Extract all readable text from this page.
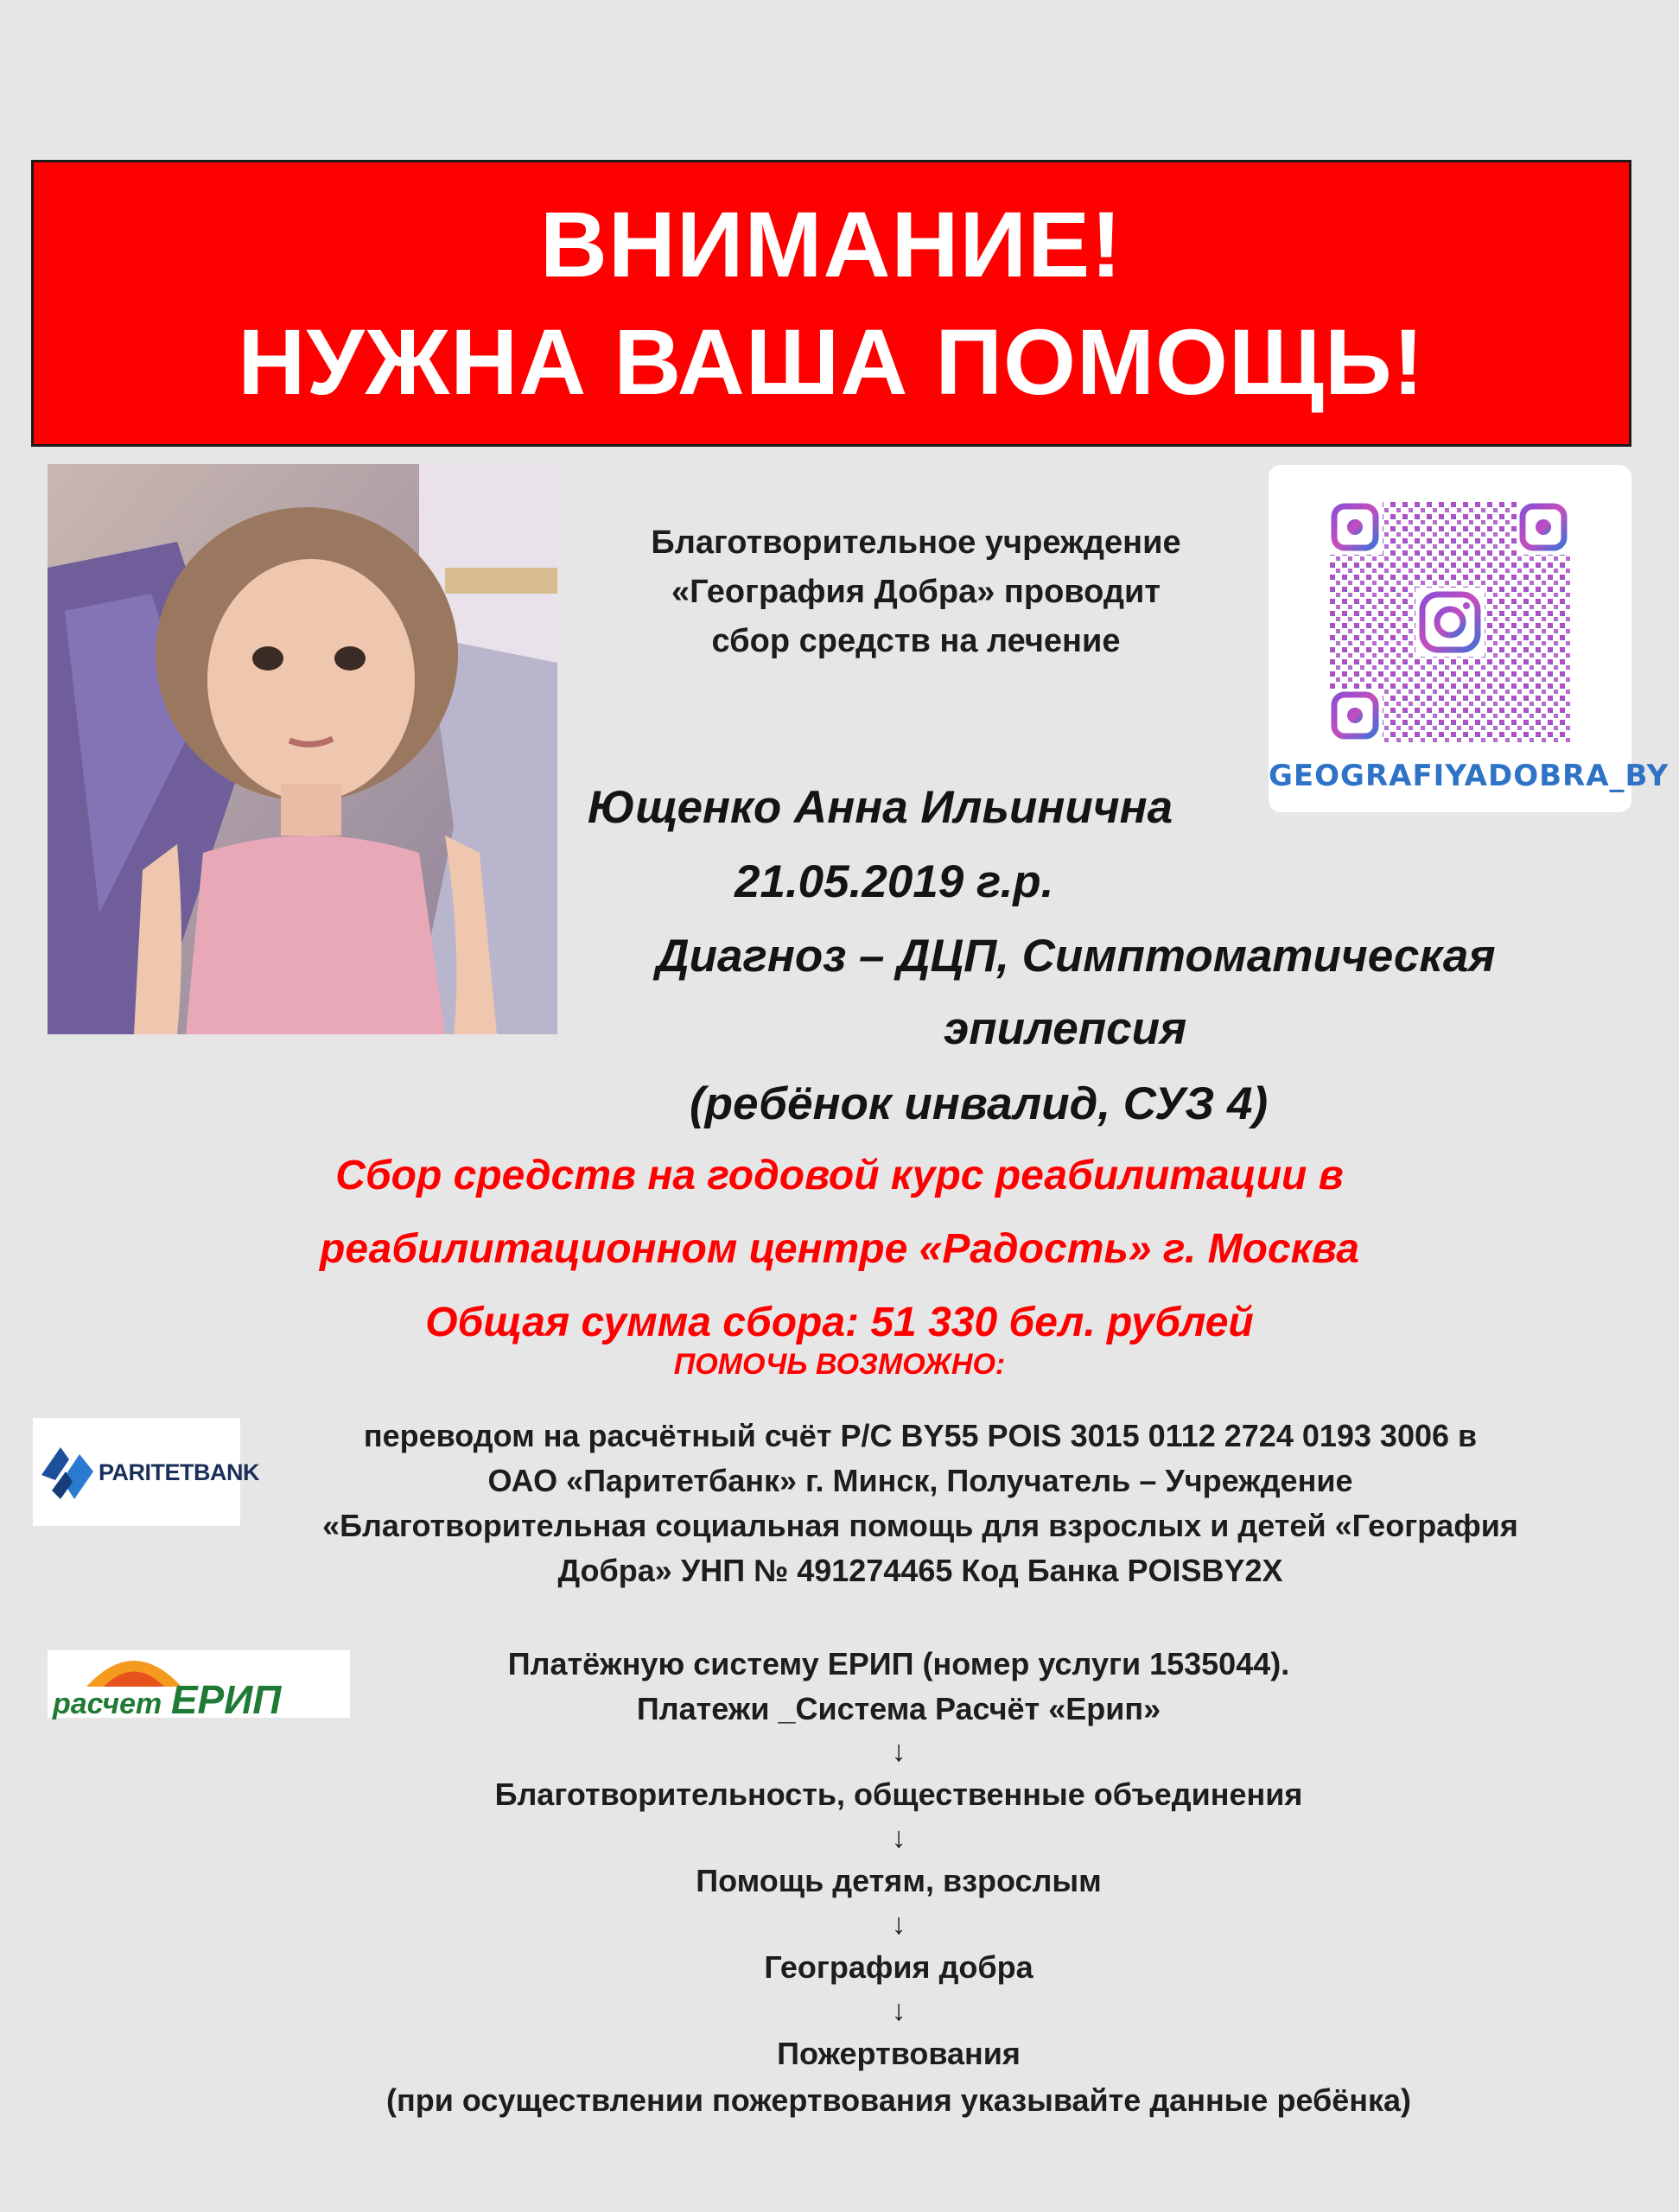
ВНИМАНИЕ!
НУЖНА ВАША ПОМОЩЬ!
Благотворительное учреждение
«География Добра» проводит
сбор средств на лечение
GEOGRAFIYADOBRA_BY
Ющенко Анна Ильинична
21.05.2019 г.р.
Диагноз – ДЦП, Симптоматическая
эпилепсия
(ребёнок инвалид, СУЗ 4)
Сбор средств на годовой курс реабилитации в
реабилитационном центре «Радость» г. Москва
Общая сумма сбора: 51 330 бел. рублей
ПОМОЧЬ ВОЗМОЖНО:
PARITETBANK
переводом на расчётный счёт Р/С BY55 POIS 3015 0112 2724 0193 3006 в
ОАО «Паритетбанк» г. Минск, Получатель – Учреждение
«Благотворительная социальная помощь для взрослых и детей «География
Добра» УНП № 491274465 Код Банка POISBY2X
расчет ЕРИП
Платёжную систему ЕРИП (номер услуги 1535044).
Платежи _Система Расчёт «Ерип»
↓
Благотворительность, общественные объединения
↓
Помощь детям, взрослым
↓
География добра
↓
Пожертвования
(при осуществлении пожертвования указывайте данные ребёнка)
